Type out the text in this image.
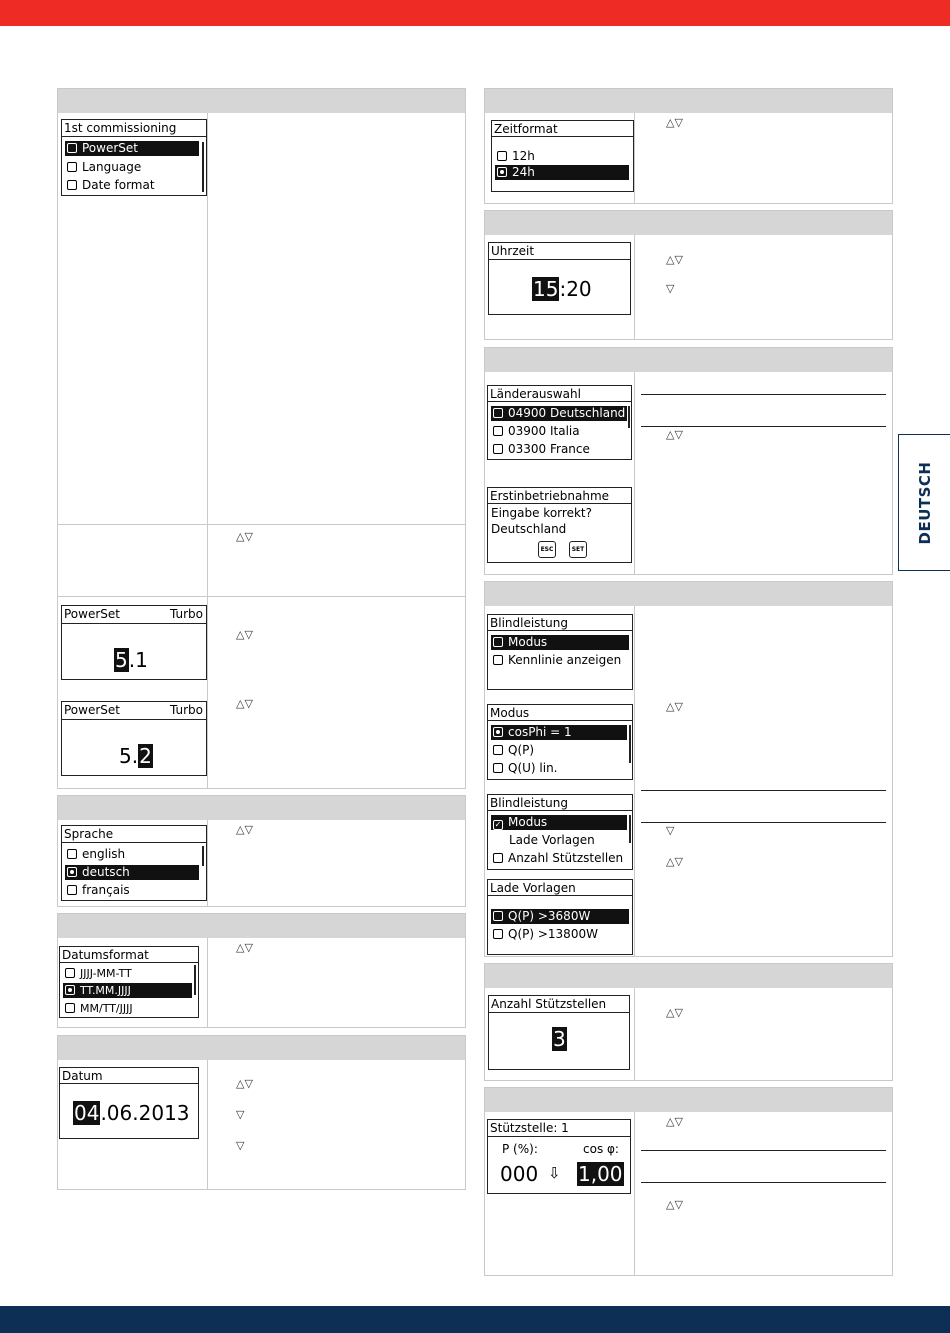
DEUTSCH
1st commissioning
PowerSet
Language
Date format
△▽
PowerSet	Turbo
5.1
△▽
△▽
PowerSet	Turbo
5.2
Sprache
english
deutsch
français
△▽
Datumsformat
JJJJ-MM-TT
TT.MM.JJJJ
MM/TT/JJJJ
△▽
Datum
04.06.2013
△▽
▽
▽
Zeitformat
12h
24h
△▽
Uhrzeit
15:20
△▽
▽
Länderauswahl
04900 Deutschland
03900 Italia
03300 France
Erstinbetriebnahme
Eingabe korrekt?
Deutschland
ESC	SET
△▽
Blindleistung
Modus
Kennlinie anzeigen
Modus
cosPhi = 1
Q(P)
Q(U) lin.
△▽
Blindleistung
✓ Modus
Lade Vorlagen
Anzahl Stützstellen
▽
△▽
Lade Vorlagen
Q(P) >3680W
Q(P) >13800W
Anzahl Stützstellen
3
△▽
Stützstelle: 1
P (%):	cos φ:
000 ⇩ 1,00
△▽
△▽
